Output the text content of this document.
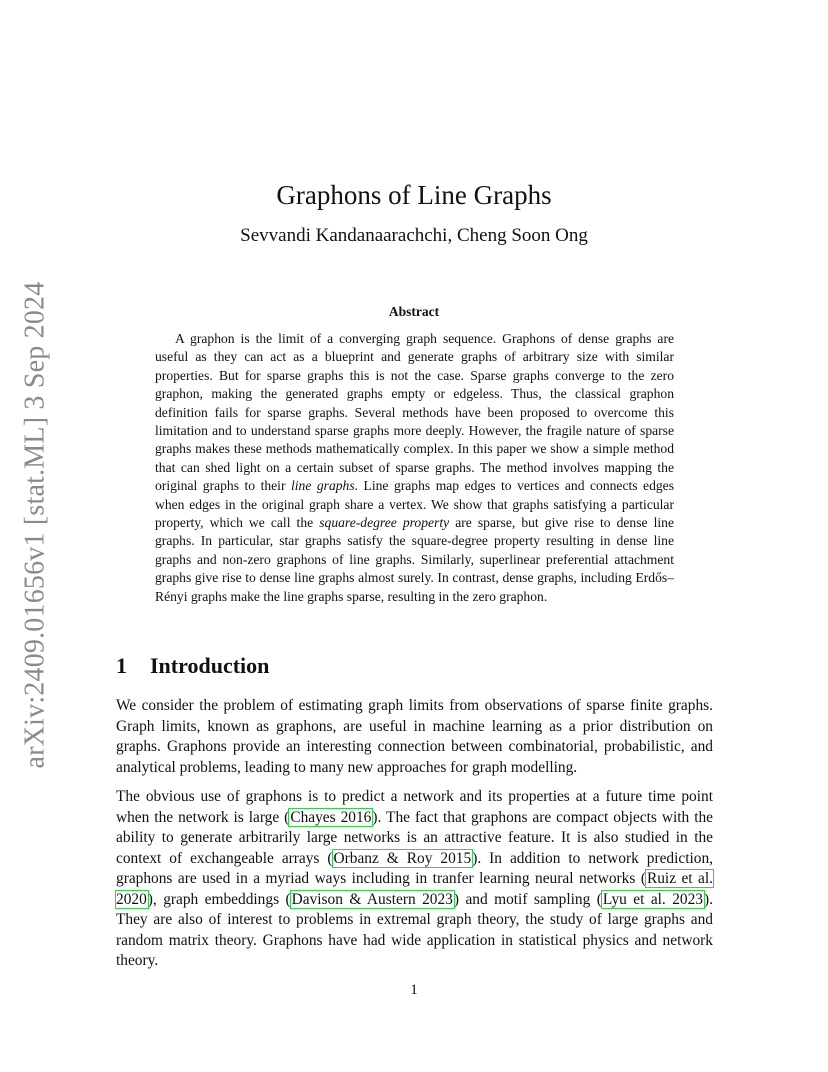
arXiv:2409.01656v1 [stat.ML] 3 Sep 2024
Graphons of Line Graphs
Sevvandi Kandanaarachchi, Cheng Soon Ong
Abstract

A graphon is the limit of a converging graph sequence. Graphons of dense graphs are useful as they can act as a blueprint and generate graphs of arbitrary size with similar properties. But for sparse graphs this is not the case. Sparse graphs converge to the zero graphon, making the generated graphs empty or edgeless. Thus, the classical graphon definition fails for sparse graphs. Several methods have been proposed to overcome this limitation and to understand sparse graphs more deeply. However, the fragile nature of sparse graphs makes these methods mathematically complex. In this paper we show a simple method that can shed light on a certain subset of sparse graphs. The method involves mapping the original graphs to their line graphs. Line graphs map edges to vertices and connects edges when edges in the original graph share a vertex. We show that graphs satisfying a particular property, which we call the square-degree property are sparse, but give rise to dense line graphs. In particular, star graphs satisfy the square-degree property resulting in dense line graphs and non-zero graphons of line graphs. Similarly, superlinear preferential attachment graphs give rise to dense line graphs almost surely. In contrast, dense graphs, including Erdős–Rényi graphs make the line graphs sparse, resulting in the zero graphon.

1 Introduction

We consider the problem of estimating graph limits from observations of sparse finite graphs. Graph limits, known as graphons, are useful in machine learning as a prior distribution on graphs. Graphons provide an interesting connection between combinatorial, probabilistic, and analytical problems, leading to many new approaches for graph modelling.

The obvious use of graphons is to predict a network and its properties at a future time point when the network is large (Chayes 2016). The fact that graphons are compact objects with the ability to generate arbitrarily large networks is an attractive feature. It is also studied in the context of exchangeable arrays (Orbanz & Roy 2015). In addition to network prediction, graphons are used in a myriad ways including in tranfer learning neural networks (Ruiz et al. 2020), graph embeddings (Davison & Austern 2023) and motif sampling (Lyu et al. 2023). They are also of interest to problems in extremal graph theory, the study of large graphs and random matrix theory. Graphons have had wide application in statistical physics and network theory.

1
